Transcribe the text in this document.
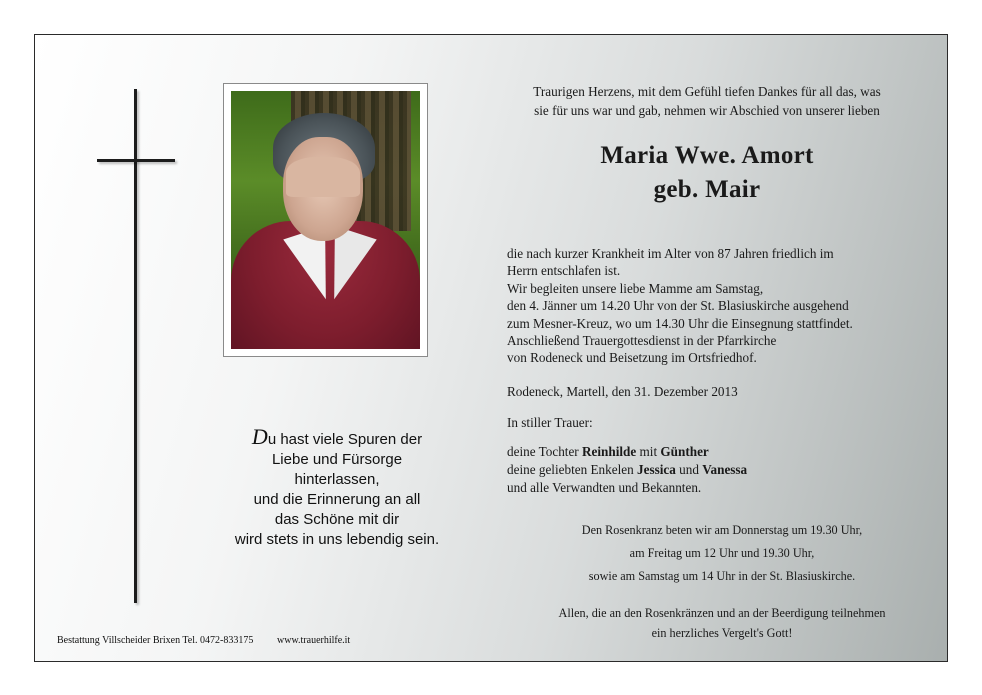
Du hast viele Spuren der
Liebe und Fürsorge
hinterlassen,
und die Erinnerung an all
das Schöne mit dir
wird stets in uns lebendig sein.
Bestattung Villscheider Brixen Tel. 0472-833175 www.trauerhilfe.it
Traurigen Herzens, mit dem Gefühl tiefen Dankes für all das, was
sie für uns war und gab, nehmen wir Abschied von unserer lieben
Maria Wwe. Amort
geb. Mair
die nach kurzer Krankheit im Alter von 87 Jahren friedlich im
Herrn entschlafen ist.
Wir begleiten unsere liebe Mamme am Samstag,
den 4. Jänner um 14.20 Uhr von der St. Blasiuskirche ausgehend
zum Mesner-Kreuz, wo um 14.30 Uhr die Einsegnung stattfindet.
Anschließend Trauergottesdienst in der Pfarrkirche
von Rodeneck und Beisetzung im Ortsfriedhof.
Rodeneck, Martell, den 31. Dezember 2013
In stiller Trauer:
deine Tochter Reinhilde mit Günther
deine geliebten Enkelen Jessica und Vanessa
und alle Verwandten und Bekannten.
Den Rosenkranz beten wir am Donnerstag um 19.30 Uhr,
am Freitag um 12 Uhr und 19.30 Uhr,
sowie am Samstag um 14 Uhr in der St. Blasiuskirche.
Allen, die an den Rosenkränzen und an der Beerdigung teilnehmen
ein herzliches Vergelt's Gott!
